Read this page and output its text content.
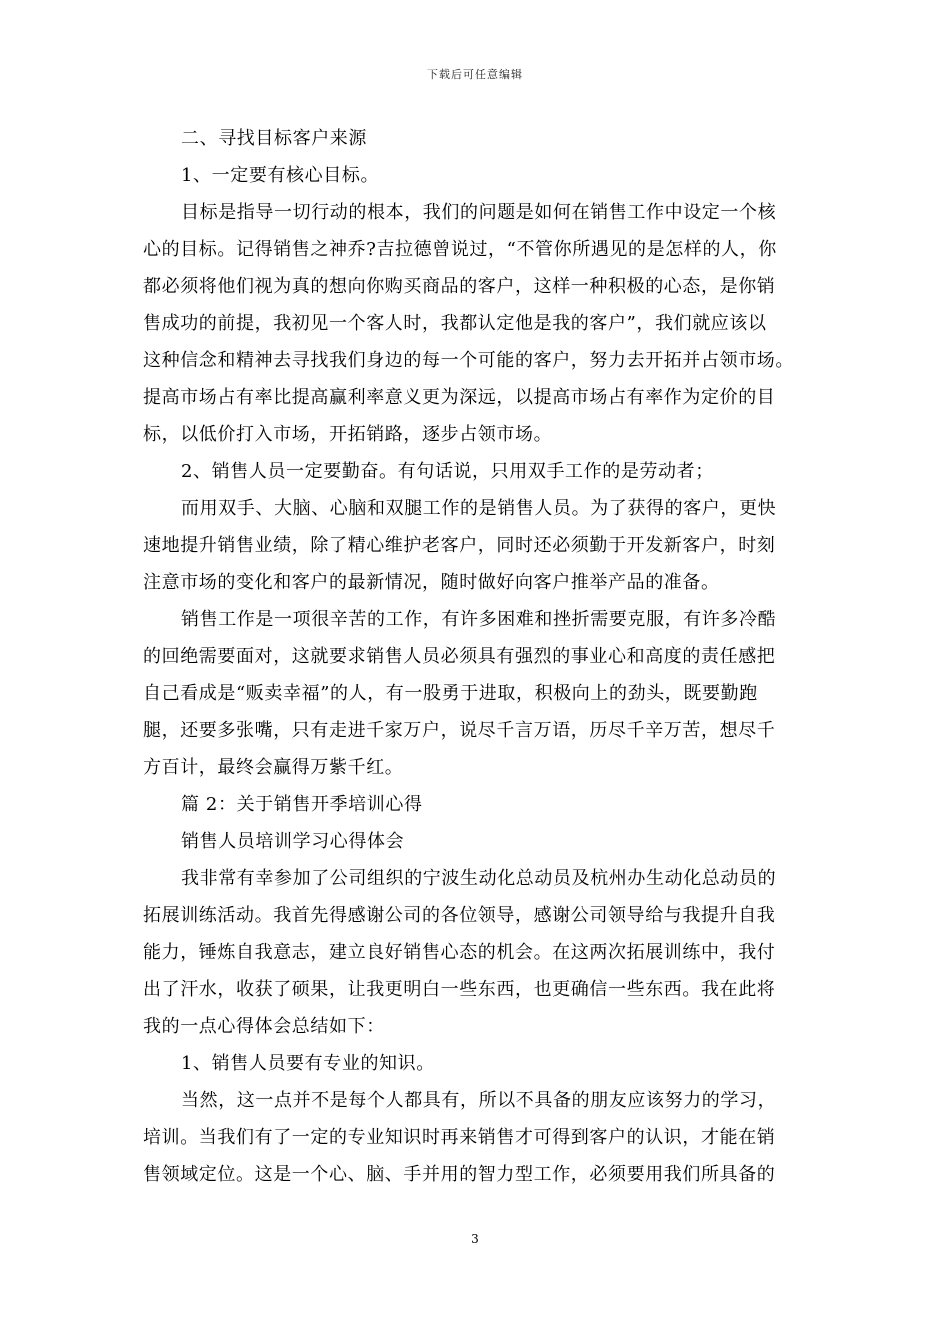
下载后可任意编辑
二、寻找目标客户来源
1、一定要有核心目标。
目标是指导一切行动的根本，我们的问题是如何在销售工作中设定一个核
心的目标。记得销售之神乔?吉拉德曾说过，“不管你所遇见的是怎样的人，你
都必须将他们视为真的想向你购买商品的客户，这样一种积极的心态，是你销
售成功的前提，我初见一个客人时，我都认定他是我的客户”，我们就应该以
这种信念和精神去寻找我们身边的每一个可能的客户，努力去开拓并占领市场。
提高市场占有率比提高赢利率意义更为深远，以提高市场占有率作为定价的目
标，以低价打入市场，开拓销路，逐步占领市场。
2、销售人员一定要勤奋。有句话说，只用双手工作的是劳动者；
而用双手、大脑、心脑和双腿工作的是销售人员。为了获得的客户，更快
速地提升销售业绩，除了精心维护老客户，同时还必须勤于开发新客户，时刻
注意市场的变化和客户的最新情况，随时做好向客户推举产品的准备。
销售工作是一项很辛苦的工作，有许多困难和挫折需要克服，有许多冷酷
的回绝需要面对，这就要求销售人员必须具有强烈的事业心和高度的责任感把
自己看成是“贩卖幸福”的人，有一股勇于进取，积极向上的劲头，既要勤跑
腿，还要多张嘴，只有走进千家万户，说尽千言万语，历尽千辛万苦，想尽千
方百计，最终会赢得万紫千红。
篇 2：关于销售开季培训心得
销售人员培训学习心得体会
我非常有幸参加了公司组织的宁波生动化总动员及杭州办生动化总动员的
拓展训练活动。我首先得感谢公司的各位领导，感谢公司领导给与我提升自我
能力，锤炼自我意志，建立良好销售心态的机会。在这两次拓展训练中，我付
出了汗水，收获了硕果，让我更明白一些东西，也更确信一些东西。我在此将
我的一点心得体会总结如下：
1、销售人员要有专业的知识。
当然，这一点并不是每个人都具有，所以不具备的朋友应该努力的学习，
培训。当我们有了一定的专业知识时再来销售才可得到客户的认识，才能在销
售领域定位。这是一个心、脑、手并用的智力型工作，必须要用我们所具备的
3
